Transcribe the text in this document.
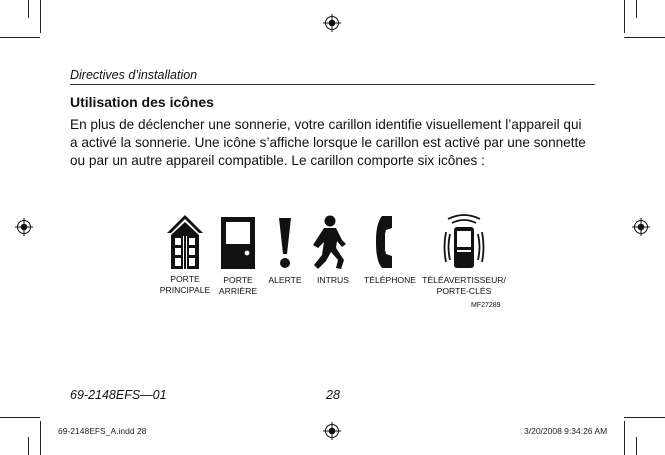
Directives d’installation
Utilisation des icônes
En plus de déclencher une sonnerie, votre carillon identifie visuellement l’appareil qui
a activé la sonnerie. Une icône s’affiche lorsque le carillon est activé par une sonnette
ou par un autre appareil compatible. Le carillon comporte six icônes :
PORTE
PRINCIPALE
PORTE
ARRIÈRE
ALERTE INTRUS TÉLÉPHONE TÉLÉAVERTISSEUR/
PORTE-CLÉS
MF27289
69-2148EFS—01	28
69-2148EFS_A.indd 28	3/20/2008 9:34:26 AM
